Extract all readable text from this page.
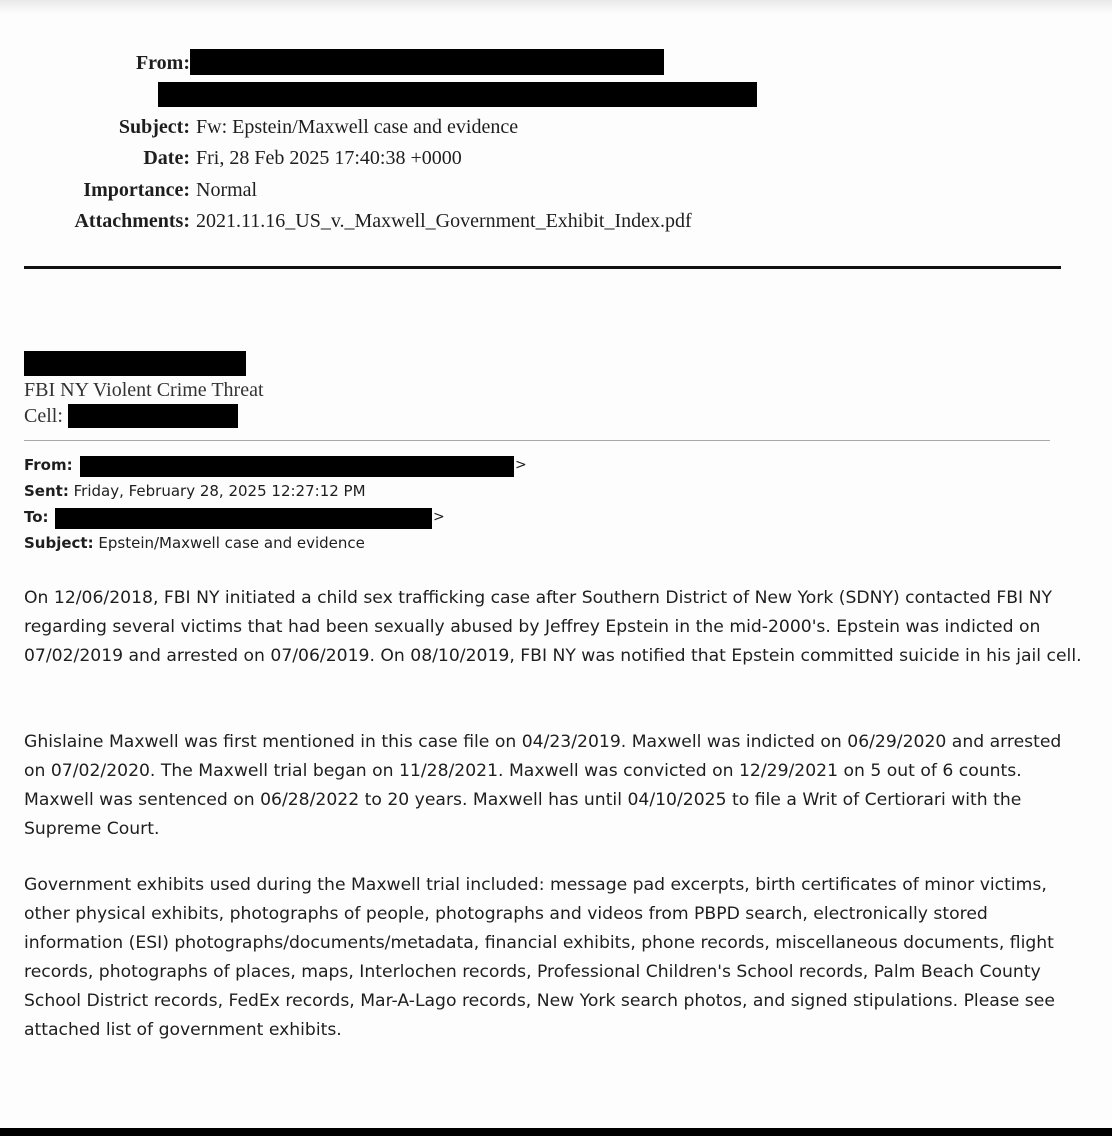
From:
Subject: Fw: Epstein/Maxwell case and evidence
Date: Fri, 28 Feb 2025 17:40:38 +0000
Importance: Normal
Attachments: 2021.11.16_US_v._Maxwell_Government_Exhibit_Index.pdf
FBI NY Violent Crime Threat
Cell:
From:	>
Sent: Friday, February 28, 2025 12:27:12 PM
To:	>
Subject: Epstein/Maxwell case and evidence
On 12/06/2018, FBI NY initiated a child sex trafficking case after Southern District of New York (SDNY) contacted FBI NY regarding several victims that had been sexually abused by Jeffrey Epstein in the mid-2000's. Epstein was indicted on 07/02/2019 and arrested on 07/06/2019. On 08/10/2019, FBI NY was notified that Epstein committed suicide in his jail cell.
Ghislaine Maxwell was first mentioned in this case file on 04/23/2019. Maxwell was indicted on 06/29/2020 and arrested on 07/02/2020. The Maxwell trial began on 11/28/2021. Maxwell was convicted on 12/29/2021 on 5 out of 6 counts. Maxwell was sentenced on 06/28/2022 to 20 years. Maxwell has until 04/10/2025 to file a Writ of Certiorari with the Supreme Court.
Government exhibits used during the Maxwell trial included: message pad excerpts, birth certificates of minor victims, other physical exhibits, photographs of people, photographs and videos from PBPD search, electronically stored information (ESI) photographs/documents/metadata, financial exhibits, phone records, miscellaneous documents, flight records, photographs of places, maps, Interlochen records, Professional Children's School records, Palm Beach County School District records, FedEx records, Mar-A-Lago records, New York search photos, and signed stipulations. Please see attached list of government exhibits.
